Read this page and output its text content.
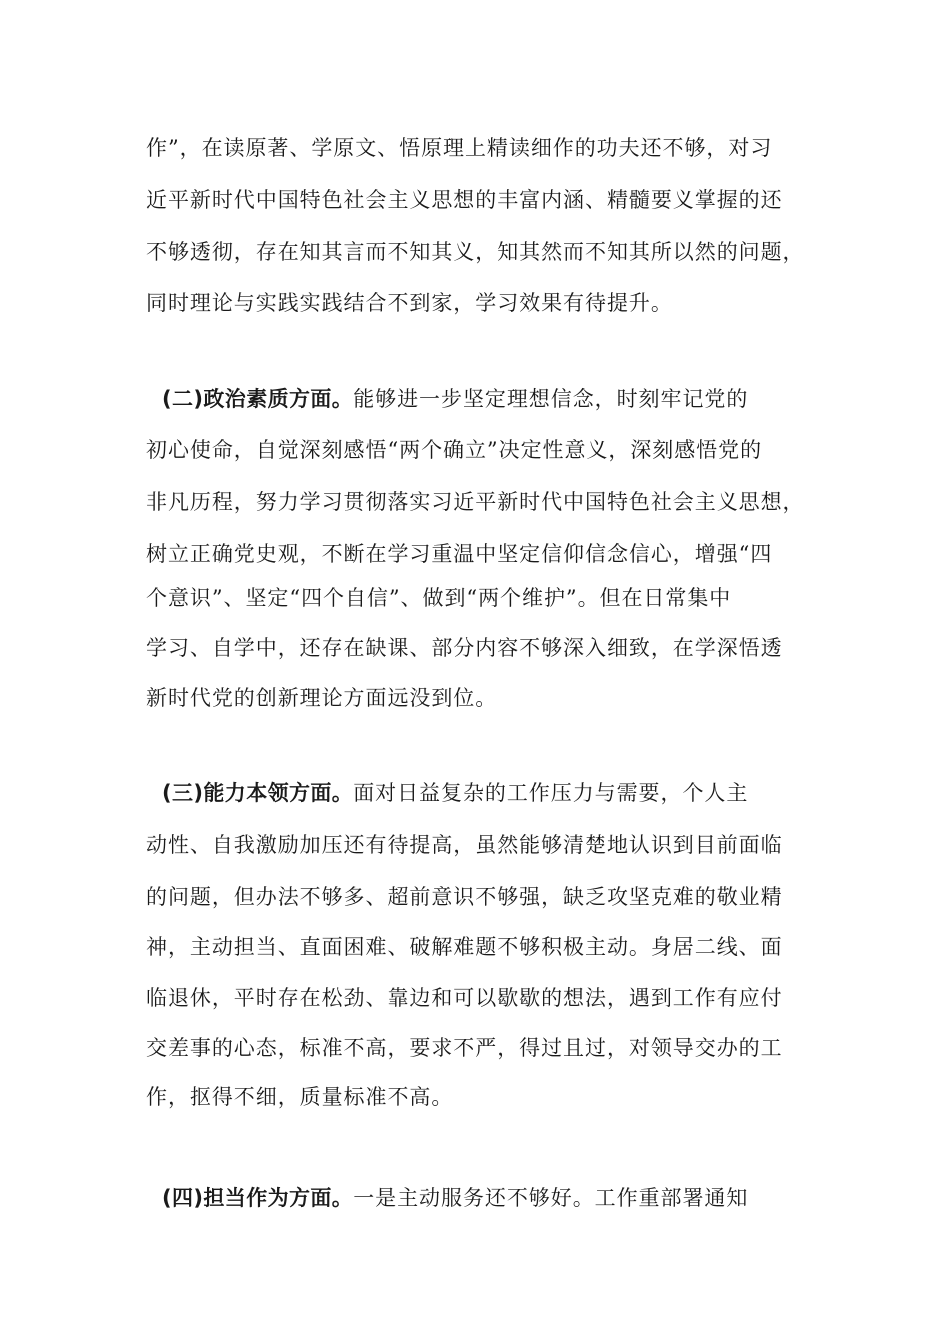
作”，在读原著、学原文、悟原理上精读细作的功夫还不够，对习
近平新时代中国特色社会主义思想的丰富内涵、精髓要义掌握的还
不够透彻，存在知其言而不知其义，知其然而不知其所以然的问题，
同时理论与实践实践结合不到家，学习效果有待提升。
(二)政治素质方面。能够进一步坚定理想信念，时刻牢记党的
初心使命，自觉深刻感悟“两个确立”决定性意义，深刻感悟党的
非凡历程，努力学习贯彻落实习近平新时代中国特色社会主义思想，
树立正确党史观，不断在学习重温中坚定信仰信念信心，增强“四
个意识”、坚定“四个自信”、做到“两个维护”。但在日常集中
学习、自学中，还存在缺课、部分内容不够深入细致，在学深悟透
新时代党的创新理论方面远没到位。
(三)能力本领方面。面对日益复杂的工作压力与需要，个人主
动性、自我激励加压还有待提高，虽然能够清楚地认识到目前面临
的问题，但办法不够多、超前意识不够强，缺乏攻坚克难的敬业精
神，主动担当、直面困难、破解难题不够积极主动。身居二线、面
临退休，平时存在松劲、靠边和可以歇歇的想法，遇到工作有应付
交差事的心态，标准不高，要求不严，得过且过，对领导交办的工
作，抠得不细，质量标准不高。
(四)担当作为方面。一是主动服务还不够好。工作重部署通知
